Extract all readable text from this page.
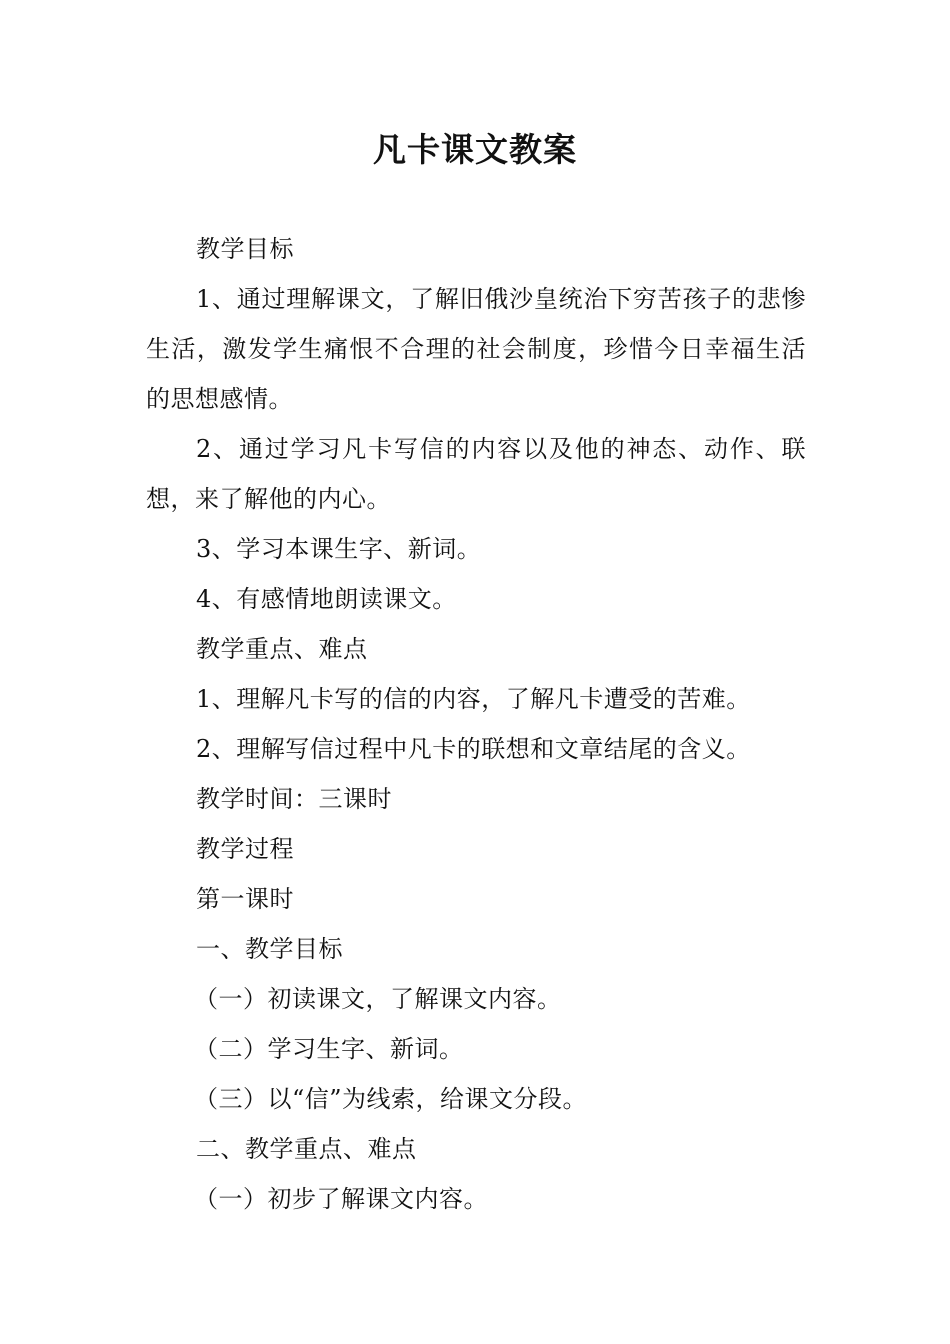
凡卡课文教案

教学目标

1、通过理解课文，了解旧俄沙皇统治下穷苦孩子的悲惨生活，激发学生痛恨不合理的社会制度，珍惜今日幸福生活的思想感情。

2、通过学习凡卡写信的内容以及他的神态、动作、联想，来了解他的内心。

3、学习本课生字、新词。

4、有感情地朗读课文。

教学重点、难点

1、理解凡卡写的信的内容，了解凡卡遭受的苦难。

2、理解写信过程中凡卡的联想和文章结尾的含义。

教学时间：三课时

教学过程

第一课时

一、教学目标

（一）初读课文，了解课文内容。

（二）学习生字、新词。

（三）以“信”为线索，给课文分段。

二、教学重点、难点

（一）初步了解课文内容。
